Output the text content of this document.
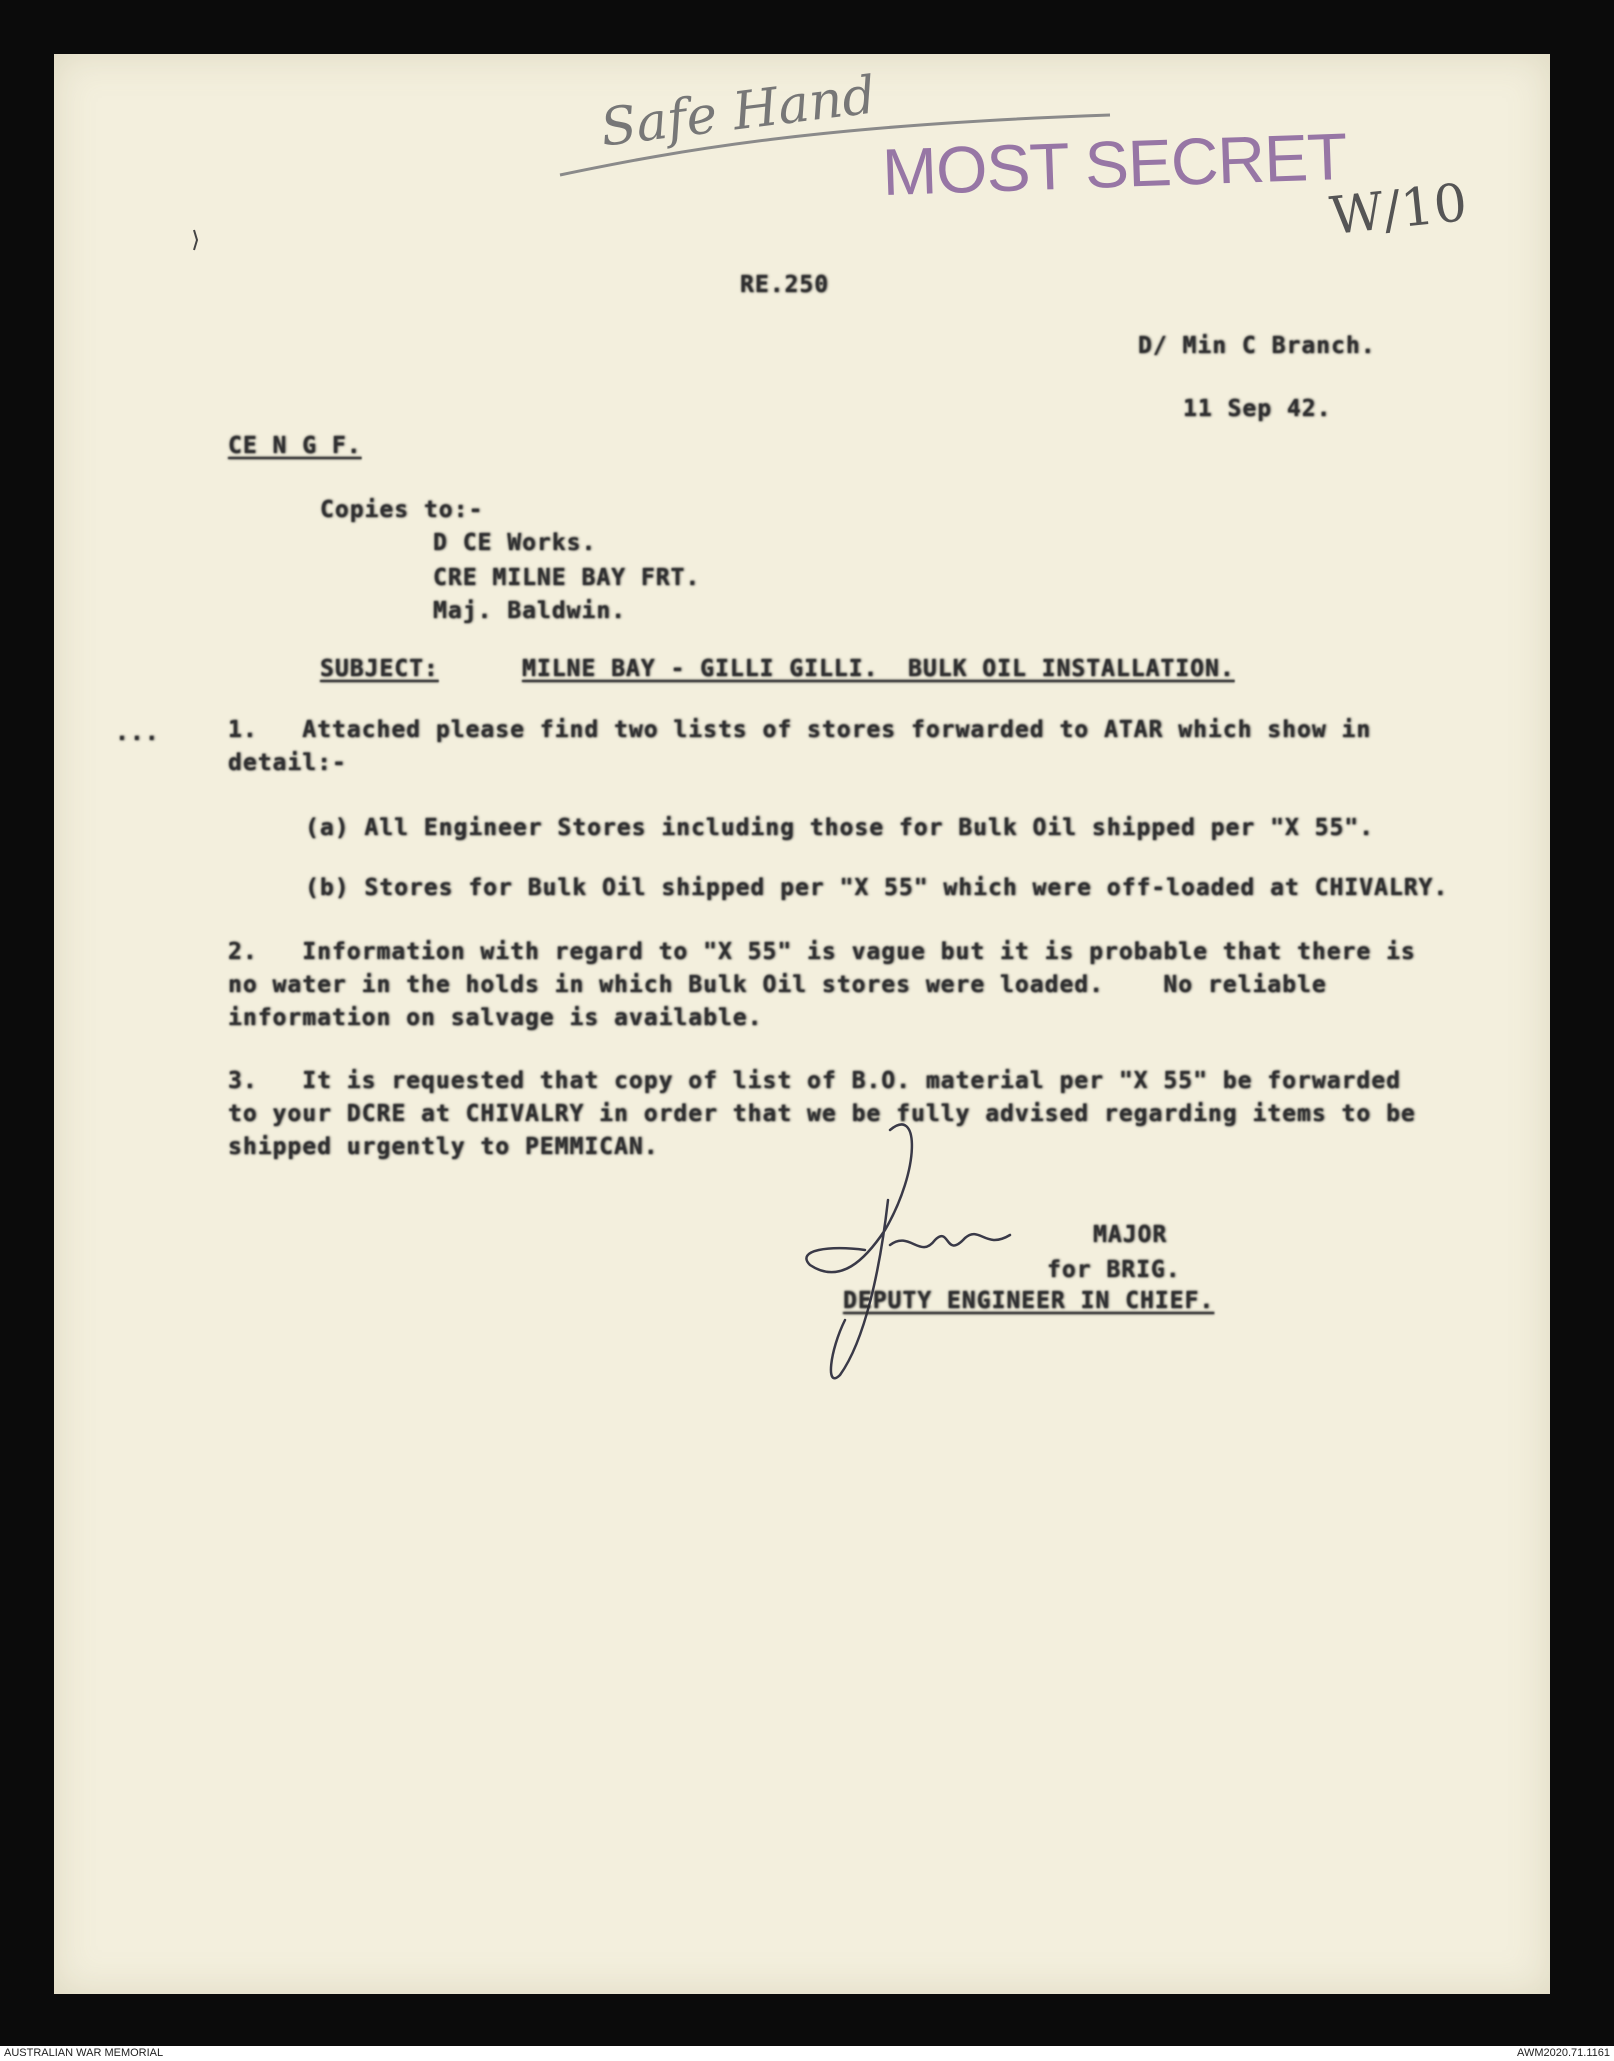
Safe Hand
MOST SECRET
W/10
RE.250
D/ Min C Branch.
11 Sep 42.
CE N G F.
Copies to:-
D CE Works.
CRE MILNE BAY FRT.
Maj. Baldwin.
SUBJECT:	MILNE BAY - GILLI GILLI.  BULK OIL INSTALLATION.
...	1.   Attached please find two lists of stores forwarded to ATAR which show in
detail:-
(a) All Engineer Stores including those for Bulk Oil shipped per "X 55".
(b) Stores for Bulk Oil shipped per "X 55" which were off-loaded at CHIVALRY.
2.   Information with regard to "X 55" is vague but it is probable that there is
no water in the holds in which Bulk Oil stores were loaded.    No reliable
information on salvage is available.
3.   It is requested that copy of list of B.O. material per "X 55" be forwarded
to your DCRE at CHIVALRY in order that we be fully advised regarding items to be
shipped urgently to PEMMICAN.
MAJOR
for BRIG.
DEPUTY ENGINEER IN CHIEF.
AUSTRALIAN WAR MEMORIAL	AWM2020.71.1161
